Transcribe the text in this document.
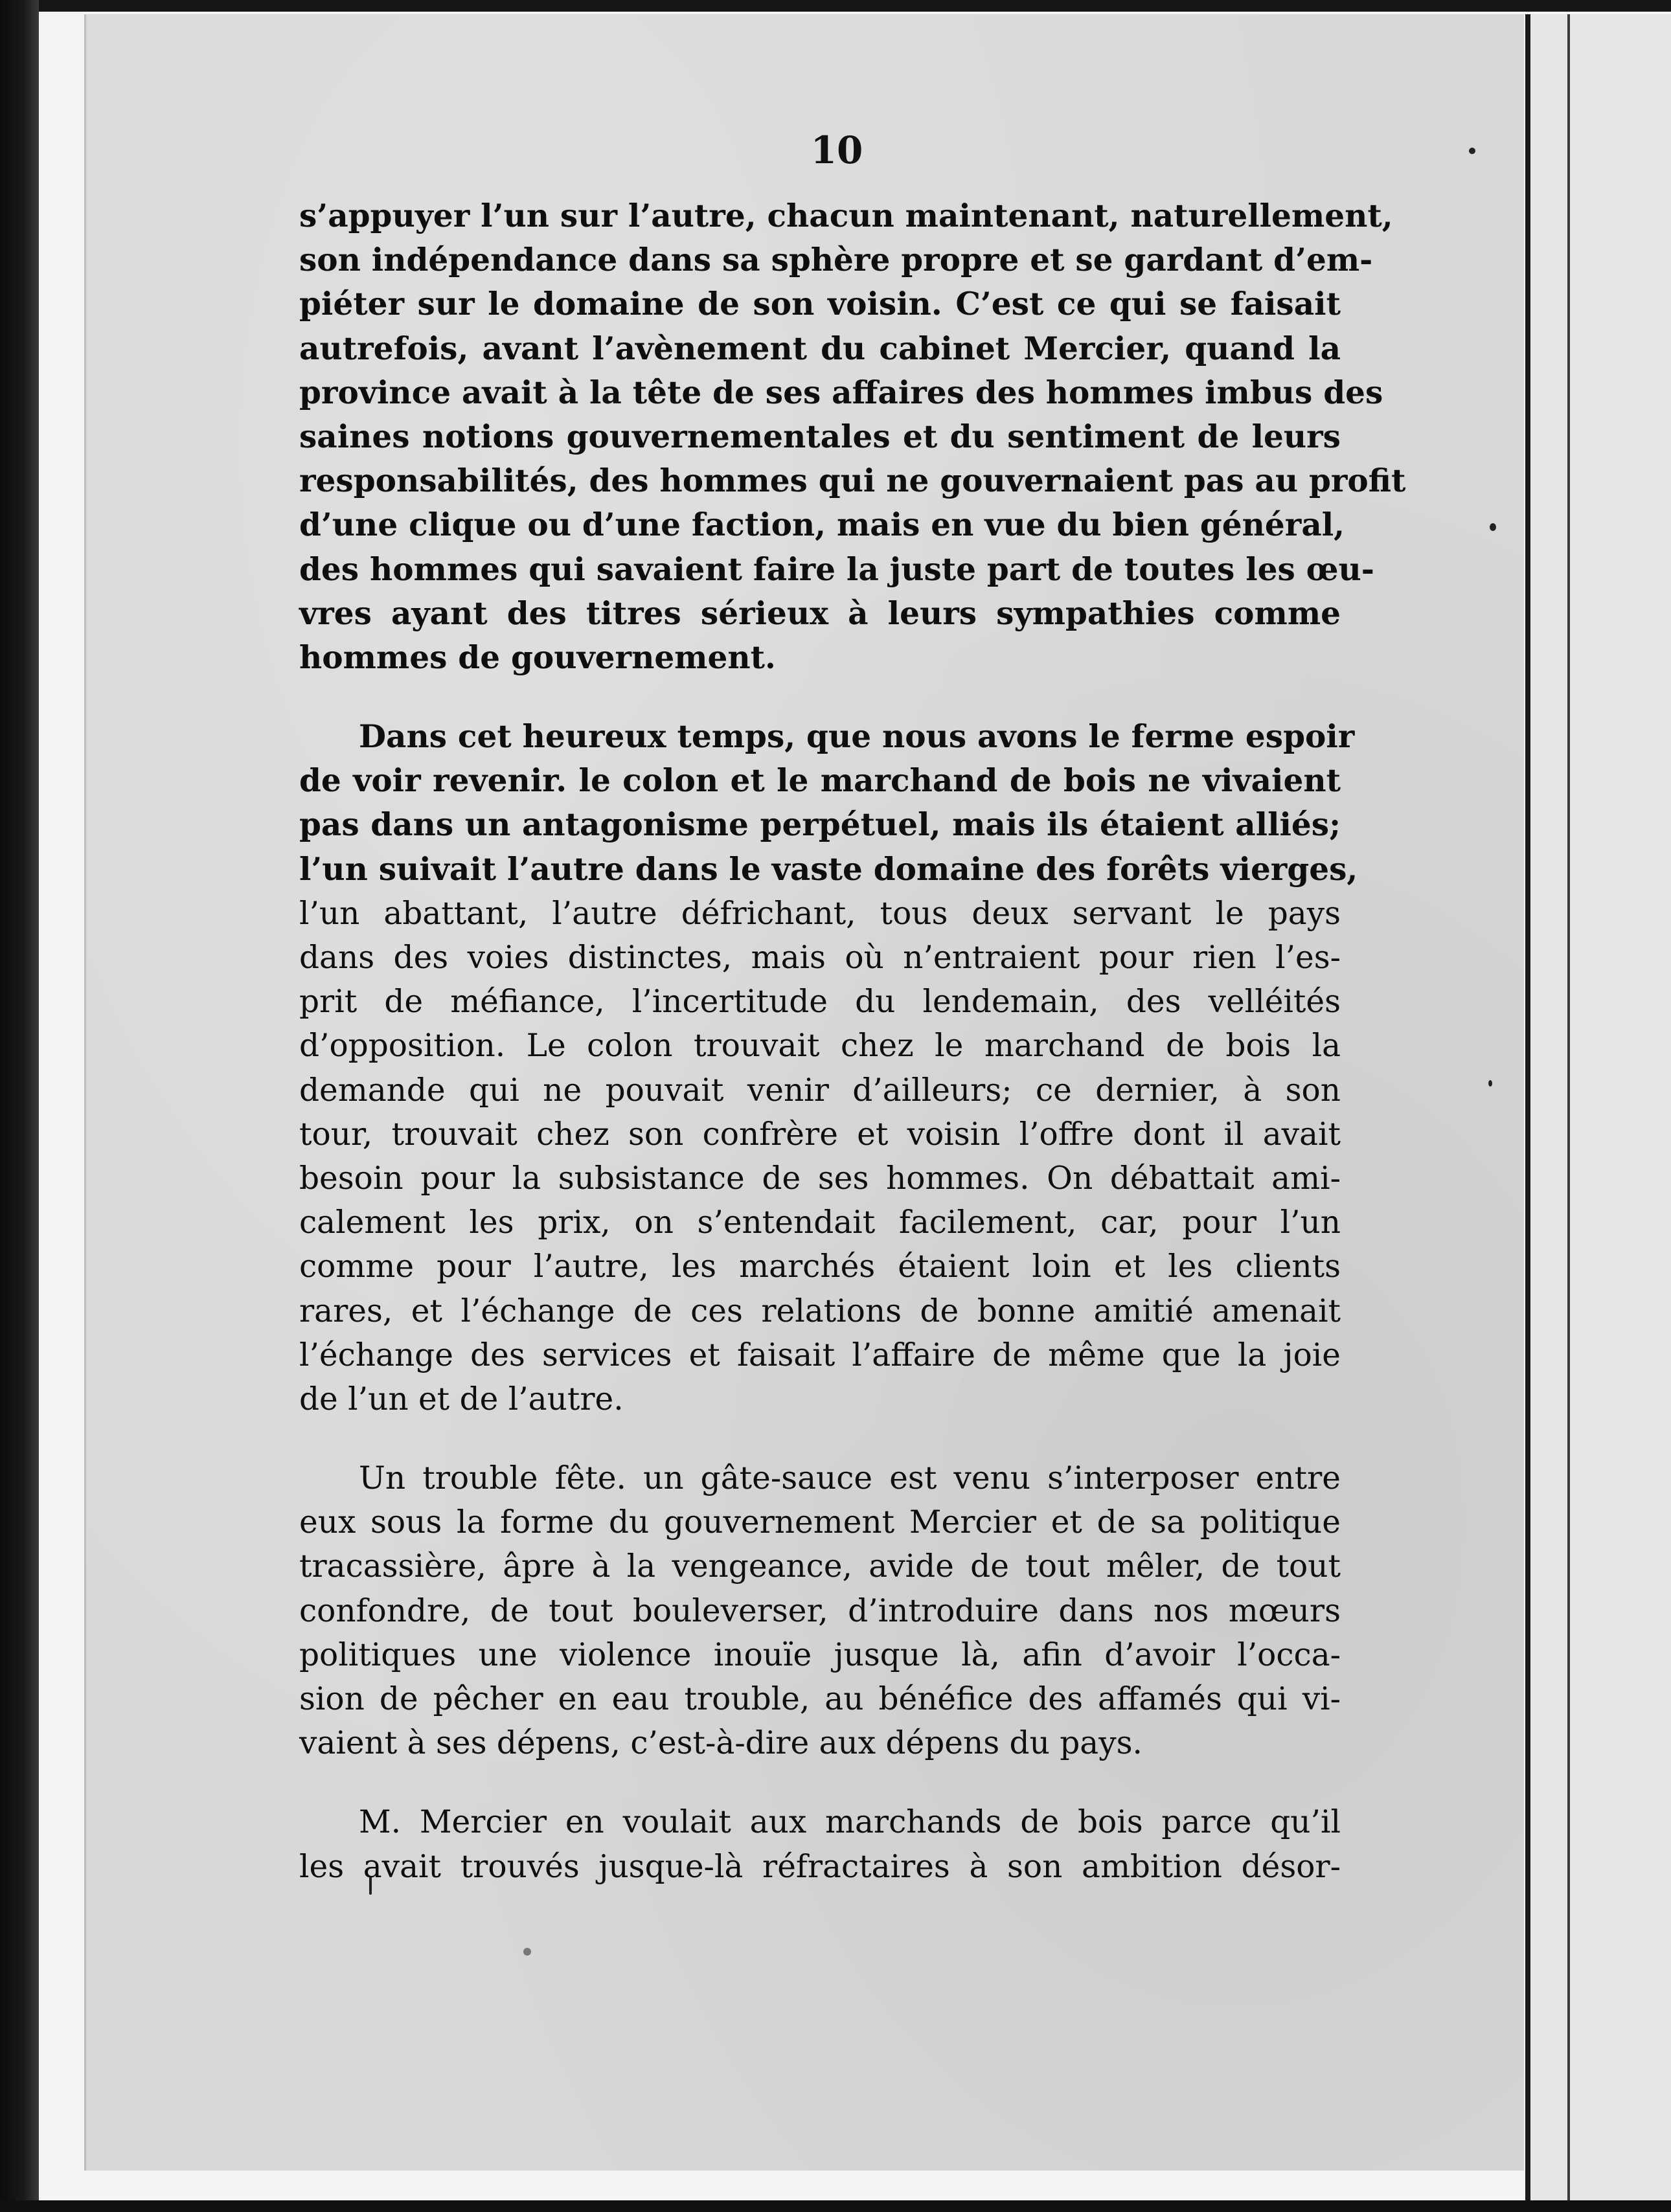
10
s’appuyer l’un sur l’autre, chacun maintenant, naturellement,
son indépendance dans sa sphère propre et se gardant d’em-
piéter sur le domaine de son voisin. C’est ce qui se faisait
autrefois, avant l’avènement du cabinet Mercier, quand la
province avait à la tête de ses affaires des hommes imbus des
saines notions gouvernementales et du sentiment de leurs
responsabilités, des hommes qui ne gouvernaient pas au profit
d’une clique ou d’une faction, mais en vue du bien général,
des hommes qui savaient faire la juste part de toutes les œu-
vres ayant des titres sérieux à leurs sympathies comme
hommes de gouvernement.
Dans cet heureux temps, que nous avons le ferme espoir
de voir revenir. le colon et le marchand de bois ne vivaient
pas dans un antagonisme perpétuel, mais ils étaient alliés;
l’un suivait l’autre dans le vaste domaine des forêts vierges,
l’un abattant, l’autre défrichant, tous deux servant le pays
dans des voies distinctes, mais où n’entraient pour rien l’es-
prit de méfiance, l’incertitude du lendemain, des velléités
d’opposition. Le colon trouvait chez le marchand de bois la
demande qui ne pouvait venir d’ailleurs; ce dernier, à son
tour, trouvait chez son confrère et voisin l’offre dont il avait
besoin pour la subsistance de ses hommes. On débattait ami-
calement les prix, on s’entendait facilement, car, pour l’un
comme pour l’autre, les marchés étaient loin et les clients
rares, et l’échange de ces relations de bonne amitié amenait
l’échange des services et faisait l’affaire de même que la joie
de l’un et de l’autre.
Un trouble fête. un gâte-sauce est venu s’interposer entre
eux sous la forme du gouvernement Mercier et de sa politique
tracassière, âpre à la vengeance, avide de tout mêler, de tout
confondre, de tout bouleverser, d’introduire dans nos mœurs
politiques une violence inouïe jusque là, afin d’avoir l’occa-
sion de pêcher en eau trouble, au bénéfice des affamés qui vi-
vaient à ses dépens, c’est-à-dire aux dépens du pays.
M. Mercier en voulait aux marchands de bois parce qu’il
les avait trouvés jusque-là réfractaires à son ambition désor-
